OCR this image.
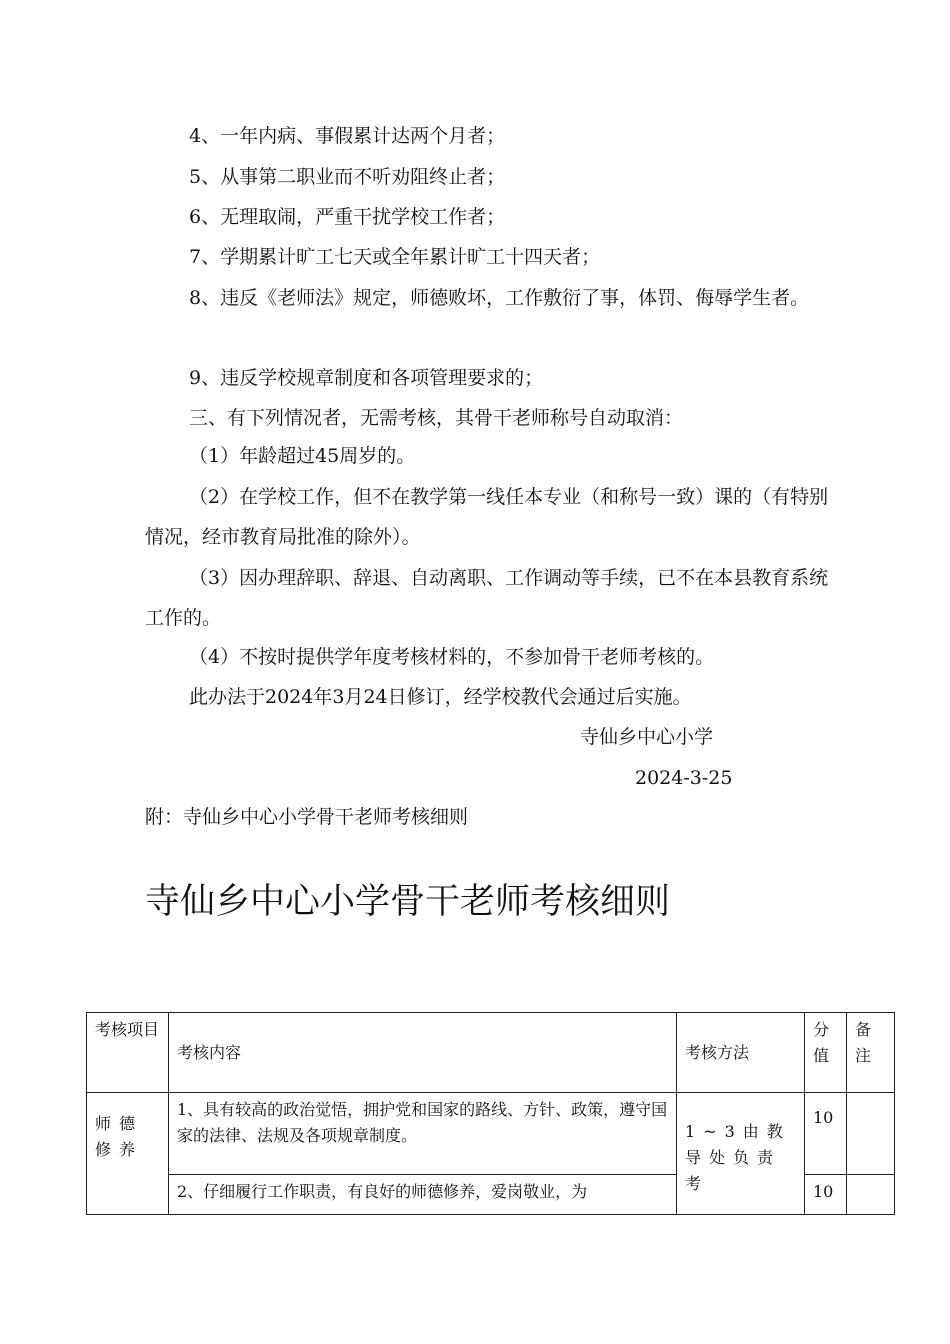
4、一年内病、事假累计达两个月者；

5、从事第二职业而不听劝阻终止者；

6、无理取闹，严重干扰学校工作者；

7、学期累计旷工七天或全年累计旷工十四天者；

8、违反《老师法》规定，师德败坏，工作敷衍了事，体罚、侮辱学生者。

9、违反学校规章制度和各项管理要求的；

三、有下列情况者，无需考核，其骨干老师称号自动取消：

（1）年龄超过45周岁的。

（2）在学校工作，但不在教学第一线任本专业（和称号一致）课的（有特别情况，经市教育局批准的除外）。

（3）因办理辞职、辞退、自动离职、工作调动等手续，已不在本县教育系统工作的。

（4）不按时提供学年度考核材料的，不参加骨干老师考核的。

此办法于2024年3月24日修订，经学校教代会通过后实施。

寺仙乡中心小学
2024-3-25

附：寺仙乡中心小学骨干老师考核细则

寺仙乡中心小学骨干老师考核细则
考核项目	考核内容	考核方法	分值	备注
师德修养	1、具有较高的政治觉悟，拥护党和国家的路线、方针、政策，遵守国家的法律、法规及各项规章制度。	1~3由教导处负责考	10	
	2、仔细履行工作职责，有良好的师德修养，爱岗敬业，为		10	
